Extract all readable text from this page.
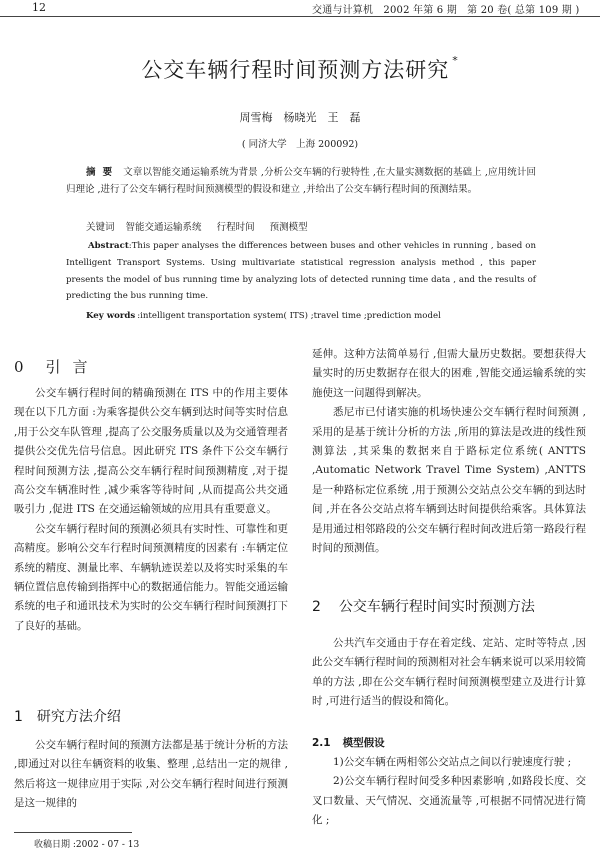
12	交通与计算机　2002 年第 6 期　第 20 卷( 总第 109 期 )
公交车辆行程时间预测方法研究 *
周雪梅　杨晓光　王　磊
( 同济大学　上海 200092)
摘要 文章以智能交通运输系统为背景 ,分析公交车辆的行驶特性 ,在大量实测数据的基础上 ,应用统计回归理论 ,进行了公交车辆行程时间预测模型的假设和建立 ,并给出了公交车辆行程时间的预测结果。
关键词 智能交通运输系统 行程时间 预测模型
Abstract:This paper analyses the differences between buses and other vehicles in running , based on Intelligent Transport Systems. Using multivariate statistical regression analysis method , this paper presents the model of bus running time by analyzing lots of detected running time data , and the results of predicting the bus running time.
Key words :intelligent transportation system( ITS) ;travel time ;prediction model
0 引言

公交车辆行程时间的精确预测在 ITS 中的作用主要体现在以下几方面 :为乘客提供公交车辆到达时间等实时信息 ,用于公交车队管理 ,提高了公交服务质量以及为交通管理者提供公交优先信号信息。因此研究 ITS 条件下公交车辆行程时间预测方法 ,提高公交车辆行程时间预测精度 ,对于提高公交车辆准时性 ,减少乘客等待时间 ,从而提高公共交通吸引力 ,促进 ITS 在交通运输领域的应用具有重要意义。

公交车辆行程时间的预测必须具有实时性、可靠性和更高精度。影响公交车行程时间预测精度的因素有 :车辆定位系统的精度、测量比率、车辆轨迹误差以及将实时采集的车辆位置信息传输到指挥中心的数据通信能力。智能交通运输系统的电子和通讯技术为实时的公交车辆行程时间预测打下了良好的基础。

1 研究方法介绍

公交车辆行程时间的预测方法都是基于统计分析的方法 ,即通过对以往车辆资料的收集、整理 ,总结出一定的规律 ,然后将这一规律应用于实际 ,对公交车辆行程时间进行预测是这一规律的

收稿日期 :2002 - 07 - 13

延伸。这种方法简单易行 ,但需大量历史数据。要想获得大量实时的历史数据存在很大的困难 ,智能交通运输系统的实施使这一问题得到解决。

悉尼市已付诸实施的机场快速公交车辆行程时间预测 ,采用的是基于统计分析的方法 ,所用的算法是改进的线性预测算法 ,其采集的数据来自于路标定位系统( ANTTS ,Automatic Network Travel Time System) ,ANTTS 是一种路标定位系统 ,用于预测公交站点公交车辆的到达时间 ,并在各公交站点将车辆到达时间提供给乘客。具体算法是用通过相邻路段的公交车辆行程时间改进后第一路段行程时间的预测值。

2 公交车辆行程时间实时预测方法

公共汽车交通由于存在着定线、定站、定时等特点 ,因此公交车辆行程时间的预测相对社会车辆来说可以采用较简单的方法 ,即在公交车辆行程时间预测模型建立及进行计算时 ,可进行适当的假设和简化。

2.1 模型假设

1)公交车辆在两相邻公交站点之间以行驶速度行驶 ;

2)公交车辆行程时间受多种因素影响 ,如路段长度、交叉口数量、天气情况、交通流量等 ,可根据不同情况进行简化 ;
